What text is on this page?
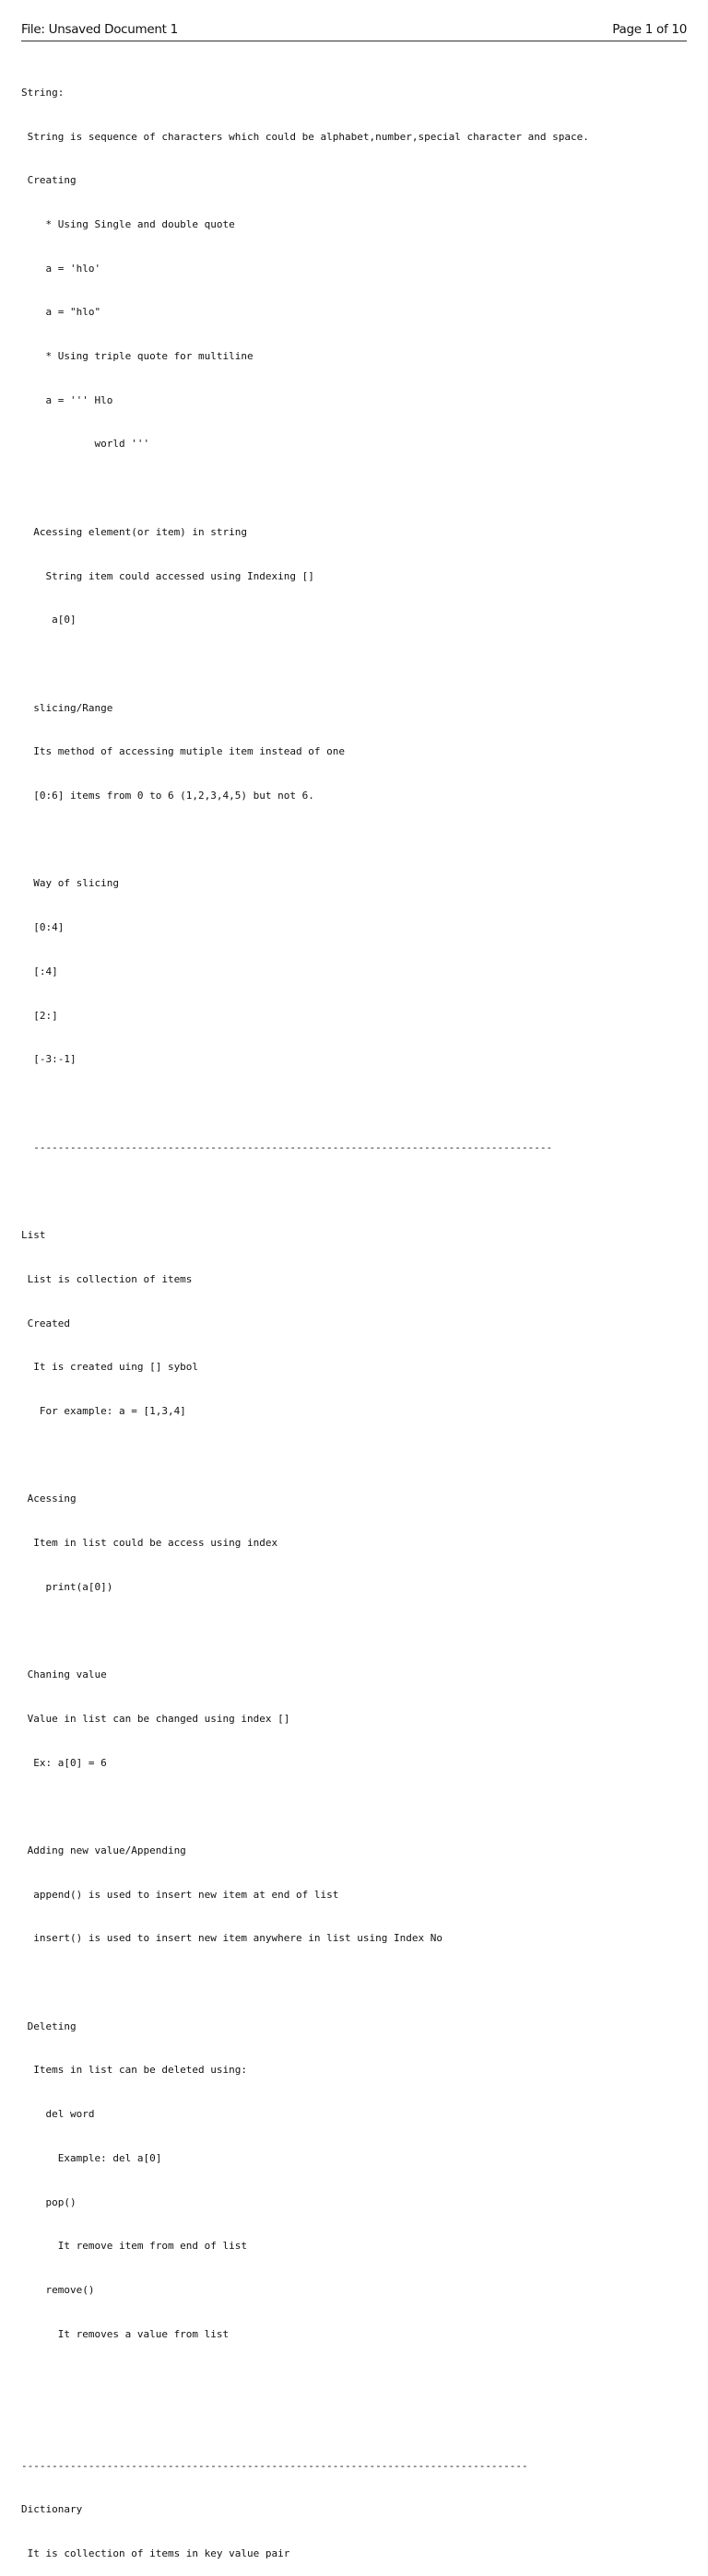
File: Unsaved Document 1	Page 1 of 10

String:

String is sequence of characters which could be alphabet,number,special character and space.

Creating

* Using Single and double quote

a = 'hlo'

a = "hlo"

* Using triple quote for multiline

a = ''' Hlo

world '''

Acessing element(or item) in string

String item could accessed using Indexing []

a[0]

slicing/Range

Its method of accessing mutiple item instead of one

[0:6] items from 0 to 6 (1,2,3,4,5) but not 6.

Way of slicing

[0:4]

[:4]

[2:]

[-3:-1]

-------------------------------------------------------------------------------------

List

List is collection of items

Created

It is created uing [] sybol

For example: a = [1,3,4]

Acessing

Item in list could be access using index

print(a[0])

Chaning value

Value in list can be changed using index []

Ex: a[0] = 6

Adding new value/Appending

append() is used to insert new item at end of list

insert() is used to insert new item anywhere in list using Index No

Deleting

Items in list can be deleted using:

del word

Example: del a[0]

pop()

It remove item from end of list

remove()

It removes a value from list

-----------------------------------------------------------------------------------

Dictionary

It is collection of items in key value pair
